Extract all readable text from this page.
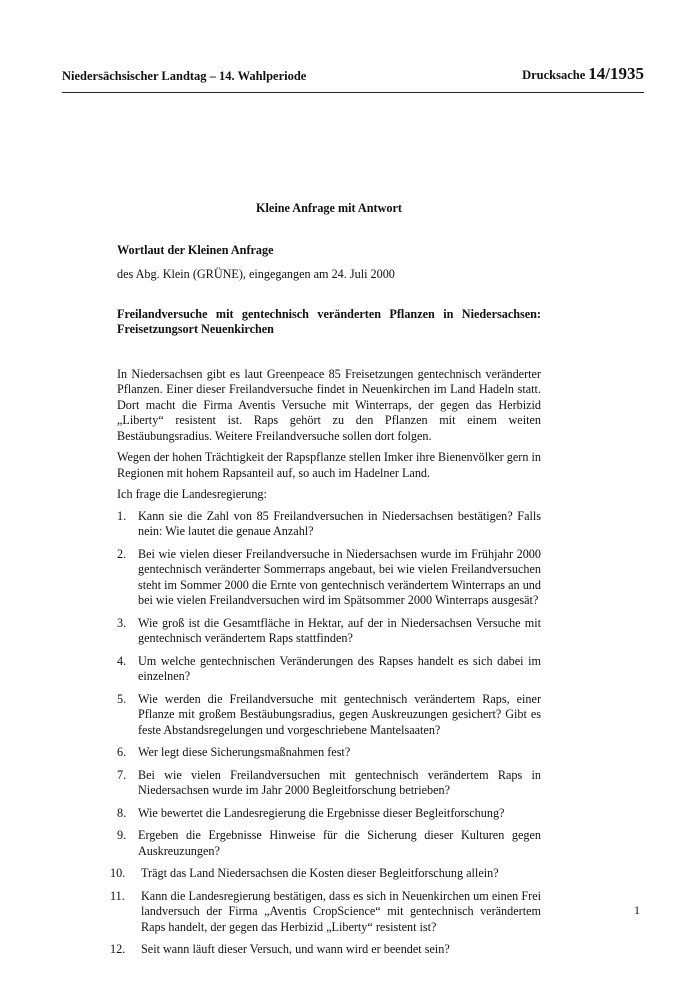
Niedersächsischer Landtag – 14. Wahlperiode	Drucksache 14/1935
Kleine Anfrage mit Antwort
Wortlaut der Kleinen Anfrage
des Abg. Klein (GRÜNE), eingegangen am 24. Juli 2000
Freilandversuche mit gentechnisch veränderten Pflanzen in Niedersachsen: Freisetzungsort Neuenkirchen

In Niedersachsen gibt es laut Greenpeace 85 Freisetzungen gentechnisch veränderter Pflanzen. Einer dieser Freilandversuche findet in Neuenkirchen im Land Hadeln statt. Dort macht die Firma Aventis Versuche mit Winterraps, der gegen das Herbizid „Liberty“ resistent ist. Raps gehört zu den Pflanzen mit einem weiten Bestäubungsradius. Weitere Freilandversuche sollen dort folgen.

Wegen der hohen Trächtigkeit der Rapspflanze stellen Imker ihre Bienenvölker gern in Regionen mit hohem Rapsanteil auf, so auch im Hadelner Land.

Ich frage die Landesregierung:

1. Kann sie die Zahl von 85 Freilandversuchen in Niedersachsen bestätigen? Falls nein: Wie lautet die genaue Anzahl?
2. Bei wie vielen dieser Freilandversuche in Niedersachsen wurde im Frühjahr 2000 gentechnisch veränderter Sommerraps angebaut, bei wie vielen Freilandversuchen steht im Sommer 2000 die Ernte von gentechnisch verändertem Winterraps an und bei wie vielen Freilandversuchen wird im Spätsommer 2000 Winterraps ausgesät?
3. Wie groß ist die Gesamtfläche in Hektar, auf der in Niedersachsen Versuche mit gentechnisch verändertem Raps stattfinden?
4. Um welche gentechnischen Veränderungen des Rapses handelt es sich dabei im einzelnen?
5. Wie werden die Freilandversuche mit gentechnisch verändertem Raps, einer Pflanze mit großem Bestäubungsradius, gegen Auskreuzungen gesichert? Gibt es feste Abstandsregelungen und vorgeschriebene Mantelsaaten?
6. Wer legt diese Sicherungsmaßnahmen fest?
7. Bei wie vielen Freilandversuchen mit gentechnisch verändertem Raps in Niedersachsen wurde im Jahr 2000 Begleitforschung betrieben?
8. Wie bewertet die Landesregierung die Ergebnisse dieser Begleitforschung?
9. Ergeben die Ergebnisse Hinweise für die Sicherung dieser Kulturen gegen Auskreuzungen?
10. Trägt das Land Niedersachsen die Kosten dieser Begleitforschung allein?
11. Kann die Landesregierung bestätigen, dass es sich in Neuenkirchen um einen Frei landversuch der Firma „Aventis CropScience“ mit gentechnisch verändertem Raps handelt, der gegen das Herbizid „Liberty“ resistent ist?
12. Seit wann läuft dieser Versuch, und wann wird er beendet sein?
1
